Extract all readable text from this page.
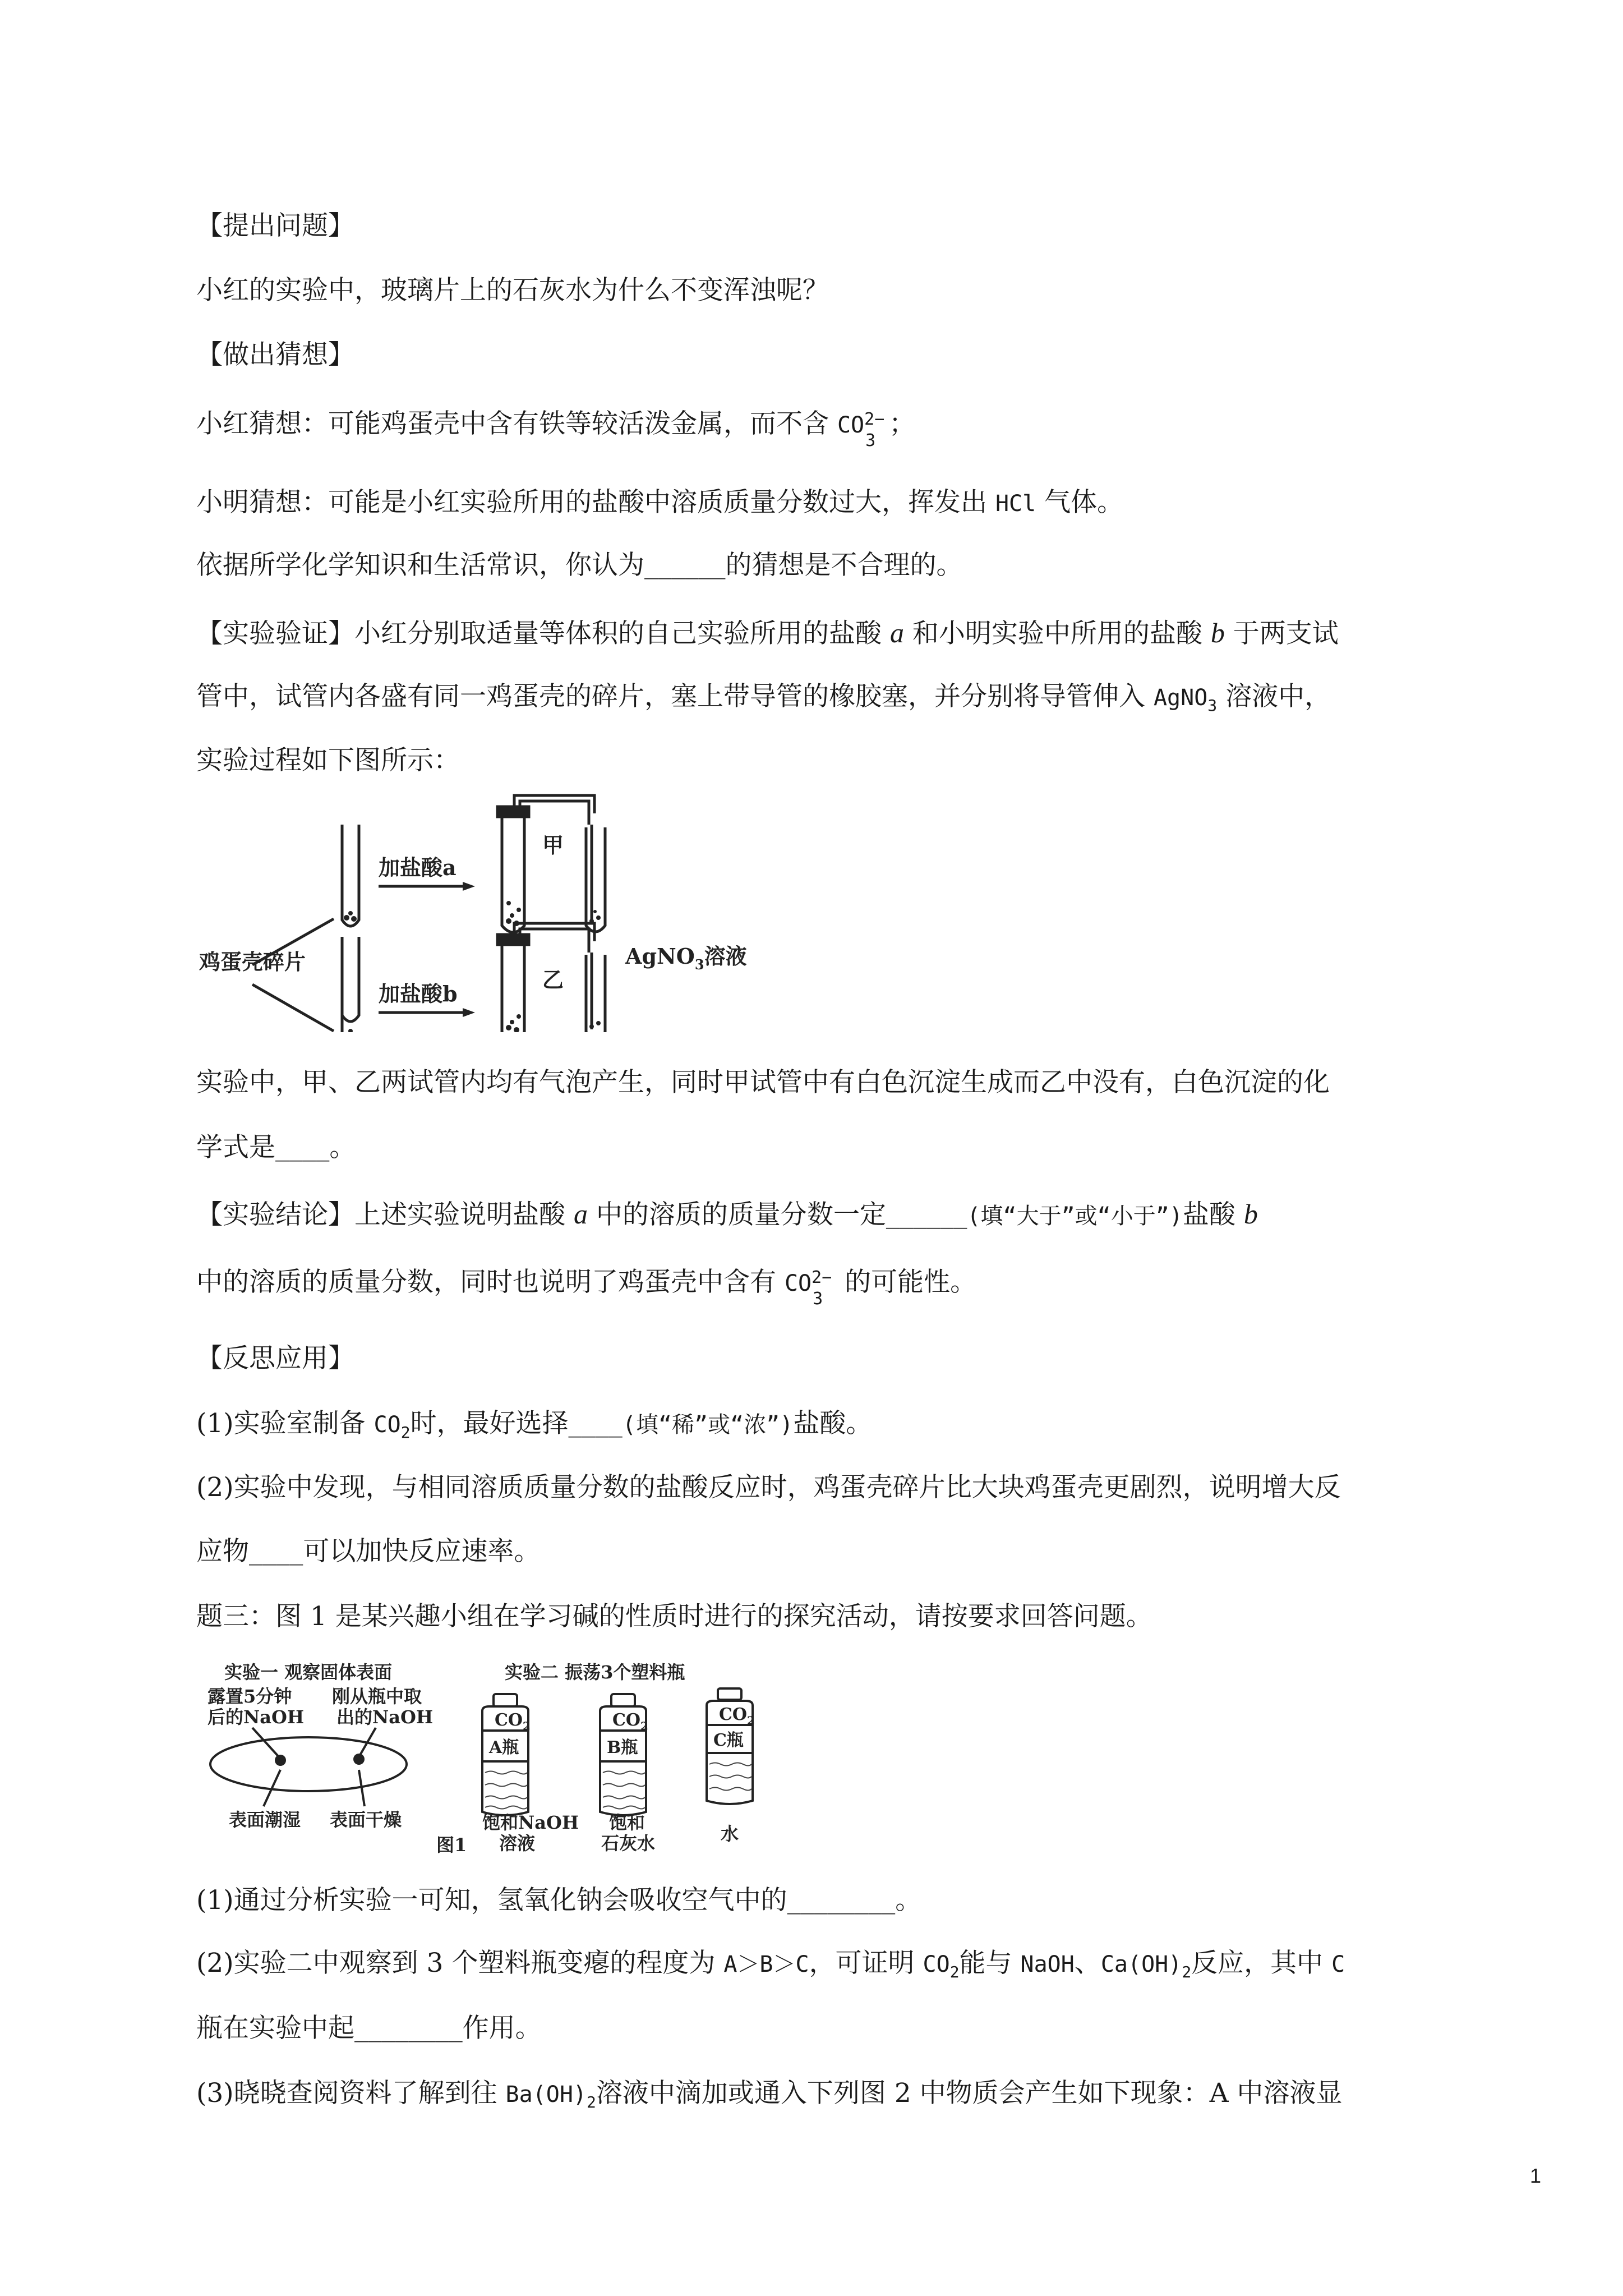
【提出问题】
小红的实验中，玻璃片上的石灰水为什么不变浑浊呢？
【做出猜想】
小红猜想：可能鸡蛋壳中含有铁等较活泼金属，而不含 CO 2−
3
；
小明猜想：可能是小红实验所用的盐酸中溶质质量分数过大，挥发出 HCl 气体。
依据所学化学知识和生活常识，你认为______的猜想是不合理的。
【实验验证】小红分别取适量等体积的自己实验所用的盐酸 a 和小明实验中所用的盐酸 b 于两支试
管中，试管内各盛有同一鸡蛋壳的碎片，塞上带导管的橡胶塞，并分别将导管伸入 AgNO$_3$ 溶液中，
实验过程如下图所示：
加盐酸a
加盐酸b
甲
乙
鸡蛋壳碎片	AgNO$_3$溶液
实验中，甲、乙两试管内均有气泡产生，同时甲试管中有白色沉淀生成而乙中没有，白色沉淀的化
学式是____。
【实验结论】上述实验说明盐酸 a 中的溶质的质量分数一定______(填“大于”或“小于”)盐酸 b
中的溶质的质量分数，同时也说明了鸡蛋壳中含有 CO 2−
3
的可能性。
【反思应用】
(1)实验室制备 $CO_2$时，最好选择____(填“稀”或“浓”)盐酸。
(2)实验中发现，与相同溶质质量分数的盐酸反应时，鸡蛋壳碎片比大块鸡蛋壳更剧烈，说明增大反
应物____可以加快反应速率。
题三：图 1 是某兴趣小组在学习碱的性质时进行的探究活动，请按要求回答问题。
实验一 观察固体表面	实验二 振荡3个塑料瓶
露置5分钟
后的NaOH
刚从瓶中取
出的NaOH
表面潮湿 表面干燥
图1
饱和NaOH
溶液
饱和
石灰水	水
$CO_2$	$CO_2$
$CO_2$
A瓶	B瓶	C瓶
(1)通过分析实验一可知，氢氧化钠会吸收空气中的________。
(2)实验二中观察到 3 个塑料瓶变瘪的程度为 A＞B＞C，可证明 $CO_2$能与 NaOH、$Ca(OH)_2$反应，其中 C
瓶在实验中起________作用。
(3)晓晓查阅资料了解到往 $Ba(OH)_2$溶液中滴加或通入下列图 2 中物质会产生如下现象：A 中溶液显
1
